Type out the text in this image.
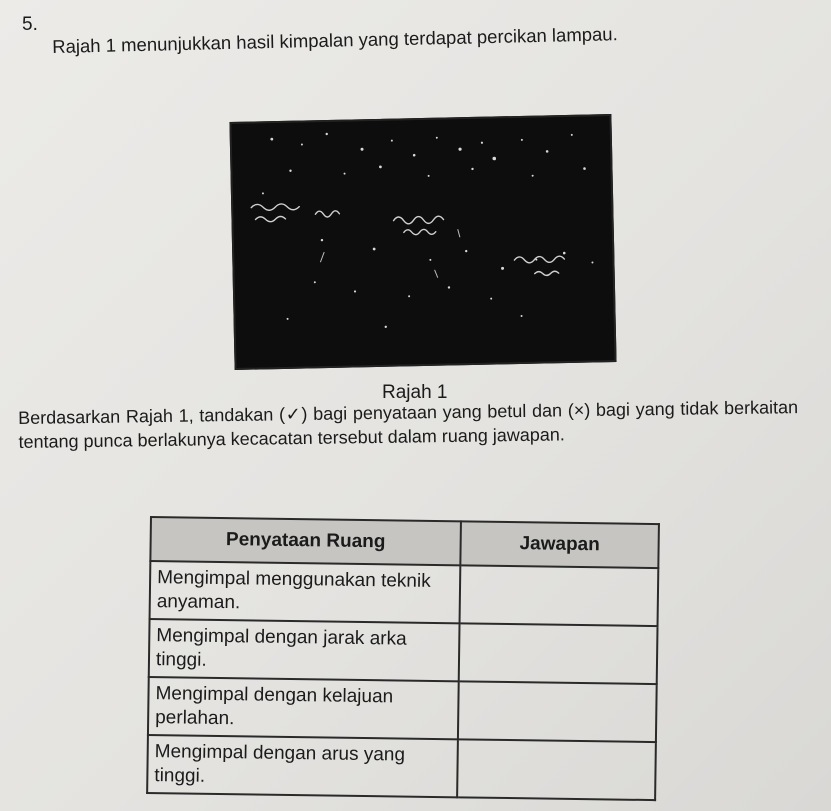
5. Rajah 1 menunjukkan hasil kimpalan yang terdapat percikan lampau.
Rajah 1
Berdasarkan Rajah 1, tandakan (✓) bagi penyataan yang betul dan (×) bagi yang tidak berkaitan tentang punca berlakunya kecacatan tersebut dalam ruang jawapan.
Penyataan Ruang	Jawapan
Mengimpal menggunakan teknik anyaman.	
Mengimpal dengan jarak arka tinggi.	
Mengimpal dengan kelajuan perlahan.	
Mengimpal dengan arus yang tinggi.	
